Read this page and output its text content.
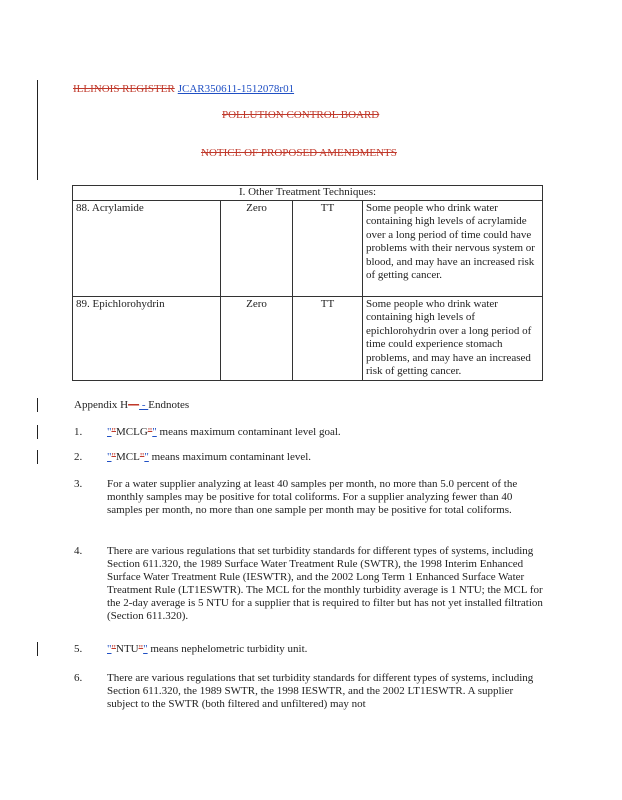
ILLINOIS REGISTER JCAR350611-1512078r01
POLLUTION CONTROL BOARD
NOTICE OF PROPOSED AMENDMENTS
I. Other Treatment Techniques:			
88. Acrylamide	Zero	TT	Some people who drink water containing high levels of acrylamide over a long period of time could have problems with their nervous system or blood, and may have an increased risk of getting cancer.
89. Epichlorohydrin	Zero	TT	Some people who drink water containing high levels of epichlorohydrin over a long period of time could experience stomach problems, and may have an increased risk of getting cancer.
Appendix H— - Endnotes
1. ""MCLG"" means maximum contaminant level goal.
2. ""MCL"" means maximum contaminant level.
3. For a water supplier analyzing at least 40 samples per month, no more than 5.0 percent of the monthly samples may be positive for total coliforms. For a supplier analyzing fewer than 40 samples per month, no more than one sample per month may be positive for total coliforms.
4. There are various regulations that set turbidity standards for different types of systems, including Section 611.320, the 1989 Surface Water Treatment Rule (SWTR), the 1998 Interim Enhanced Surface Water Treatment Rule (IESWTR), and the 2002 Long Term 1 Enhanced Surface Water Treatment Rule (LT1ESWTR). The MCL for the monthly turbidity average is 1 NTU; the MCL for the 2-day average is 5 NTU for a supplier that is required to filter but has not yet installed filtration (Section 611.320).
5. ""NTU"" means nephelometric turbidity unit.
6. There are various regulations that set turbidity standards for different types of systems, including Section 611.320, the 1989 SWTR, the 1998 IESWTR, and the 2002 LT1ESWTR. A supplier subject to the SWTR (both filtered and unfiltered) may not
